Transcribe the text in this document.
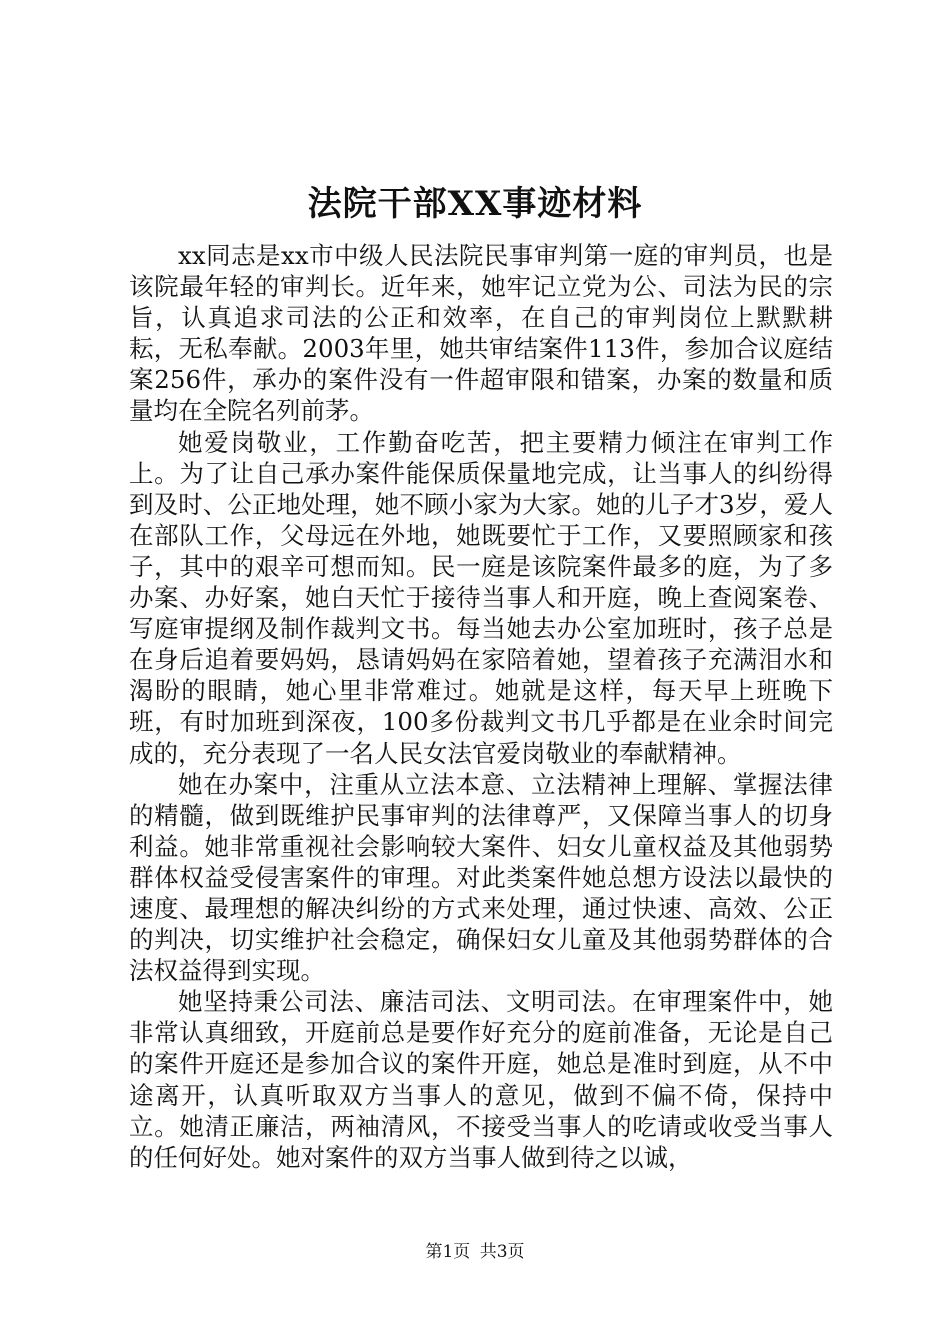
法院干部XX事迹材料

xx同志是xx市中级人民法院民事审判第一庭的审判员，也是该院最年轻的审判长。近年来，她牢记立党为公、司法为民的宗旨，认真追求司法的公正和效率，在自己的审判岗位上默默耕耘，无私奉献。2003年里，她共审结案件113件，参加合议庭结案256件，承办的案件没有一件超审限和错案，办案的数量和质量均在全院名列前茅。

她爱岗敬业，工作勤奋吃苦，把主要精力倾注在审判工作上。为了让自己承办案件能保质保量地完成，让当事人的纠纷得到及时、公正地处理，她不顾小家为大家。她的儿子才3岁，爱人在部队工作，父母远在外地，她既要忙于工作，又要照顾家和孩子，其中的艰辛可想而知。民一庭是该院案件最多的庭，为了多办案、办好案，她白天忙于接待当事人和开庭，晚上查阅案卷、写庭审提纲及制作裁判文书。每当她去办公室加班时，孩子总是在身后追着要妈妈，恳请妈妈在家陪着她，望着孩子充满泪水和渴盼的眼睛，她心里非常难过。她就是这样，每天早上班晚下班，有时加班到深夜，100多份裁判文书几乎都是在业余时间完成的，充分表现了一名人民女法官爱岗敬业的奉献精神。

她在办案中，注重从立法本意、立法精神上理解、掌握法律的精髓，做到既维护民事审判的法律尊严，又保障当事人的切身利益。她非常重视社会影响较大案件、妇女儿童权益及其他弱势群体权益受侵害案件的审理。对此类案件她总想方设法以最快的速度、最理想的解决纠纷的方式来处理，通过快速、高效、公正的判决，切实维护社会稳定，确保妇女儿童及其他弱势群体的合法权益得到实现。

她坚持秉公司法、廉洁司法、文明司法。在审理案件中，她非常认真细致，开庭前总是要作好充分的庭前准备，无论是自己的案件开庭还是参加合议的案件开庭，她总是准时到庭，从不中途离开，认真听取双方当事人的意见，做到不偏不倚，保持中立。她清正廉洁，两袖清风，不接受当事人的吃请或收受当事人的任何好处。她对案件的双方当事人做到待之以诚，

第1页 共3页
